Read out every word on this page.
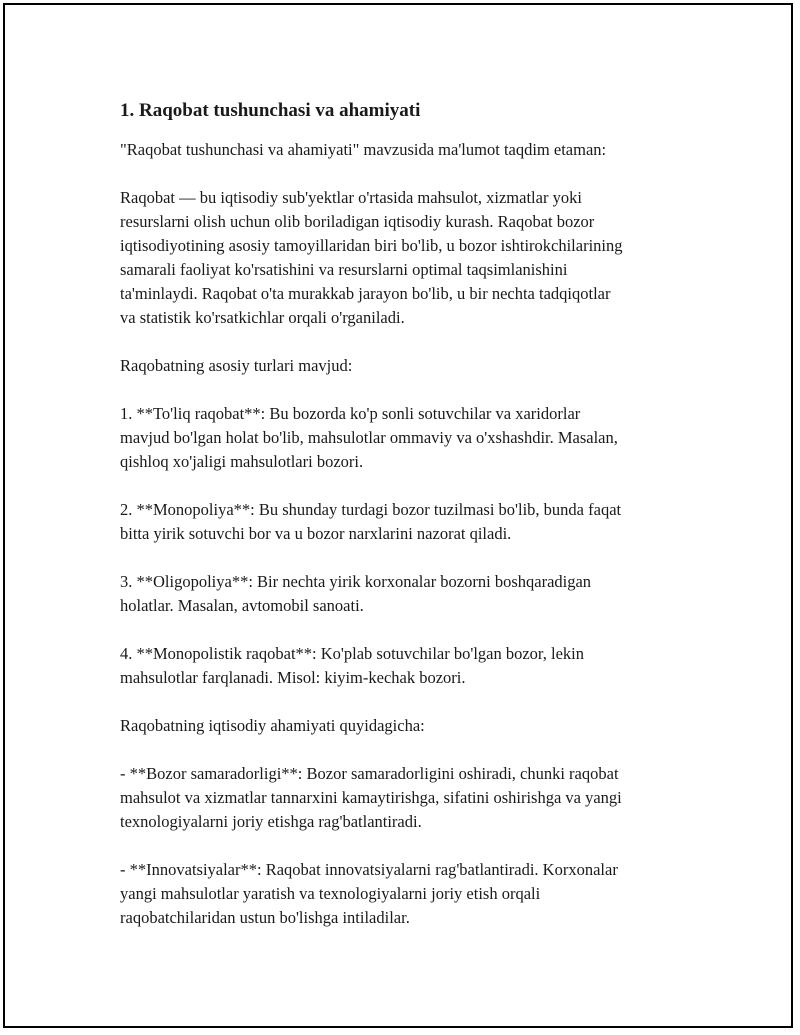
1. Raqobat tushunchasi va ahamiyati

"Raqobat tushunchasi va ahamiyati" mavzusida ma'lumot taqdim etaman:

Raqobat — bu iqtisodiy sub'yektlar o'rtasida mahsulot, xizmatlar yoki
resurslarni olish uchun olib boriladigan iqtisodiy kurash. Raqobat bozor
iqtisodiyotining asosiy tamoyillaridan biri bo'lib, u bozor ishtirokchilarining
samarali faoliyat ko'rsatishini va resurslarni optimal taqsimlanishini
ta'minlaydi. Raqobat o'ta murakkab jarayon bo'lib, u bir nechta tadqiqotlar
va statistik ko'rsatkichlar orqali o'rganiladi.

Raqobatning asosiy turlari mavjud:

1. **To'liq raqobat**: Bu bozorda ko'p sonli sotuvchilar va xaridorlar
mavjud bo'lgan holat bo'lib, mahsulotlar ommaviy va o'xshashdir. Masalan,
qishloq xo'jaligi mahsulotlari bozori.

2. **Monopoliya**: Bu shunday turdagi bozor tuzilmasi bo'lib, bunda faqat
bitta yirik sotuvchi bor va u bozor narxlarini nazorat qiladi.

3. **Oligopoliya**: Bir nechta yirik korxonalar bozorni boshqaradigan
holatlar. Masalan, avtomobil sanoati.

4. **Monopolistik raqobat**: Ko'plab sotuvchilar bo'lgan bozor, lekin
mahsulotlar farqlanadi. Misol: kiyim-kechak bozori.

Raqobatning iqtisodiy ahamiyati quyidagicha:

- **Bozor samaradorligi**: Bozor samaradorligini oshiradi, chunki raqobat
mahsulot va xizmatlar tannarxini kamaytirishga, sifatini oshirishga va yangi
texnologiyalarni joriy etishga rag'batlantiradi.

- **Innovatsiyalar**: Raqobat innovatsiyalarni rag'batlantiradi. Korxonalar
yangi mahsulotlar yaratish va texnologiyalarni joriy etish orqali
raqobatchilaridan ustun bo'lishga intiladilar.
